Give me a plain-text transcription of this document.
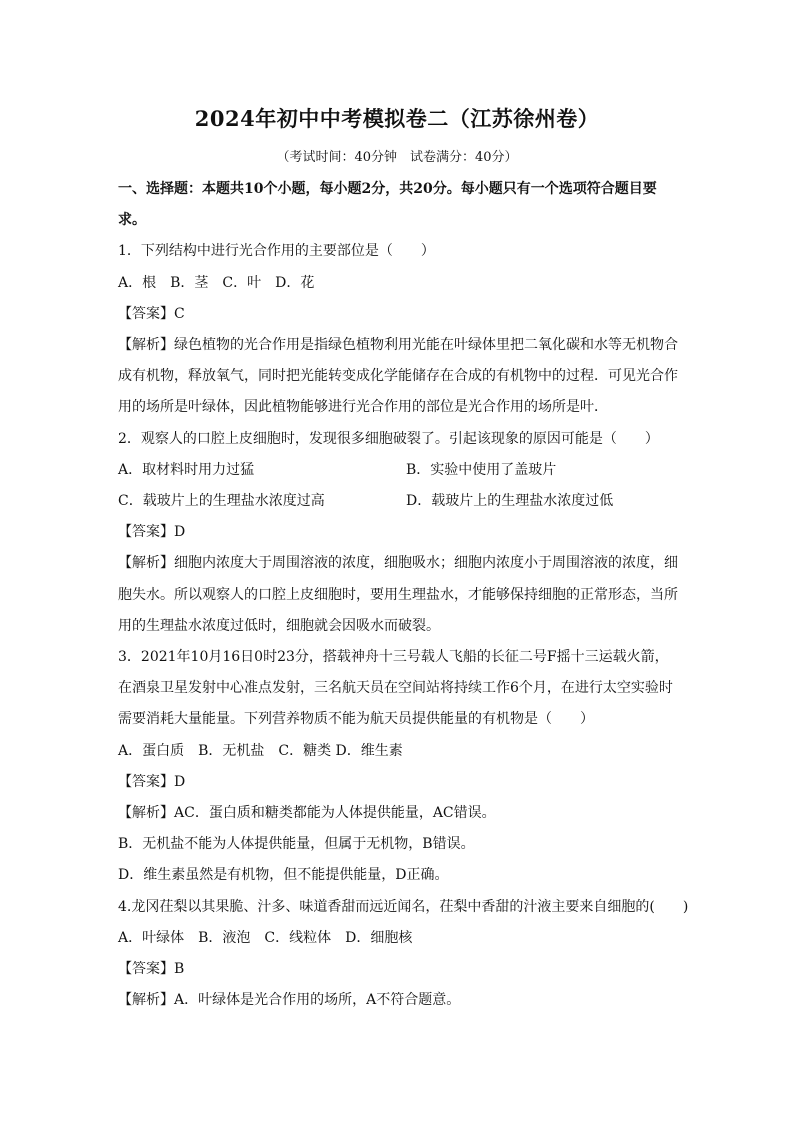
2024年初中中考模拟卷二（江苏徐州卷）
（考试时间：40分钟　试卷满分：40分）

一、选择题：本题共10个小题，每小题2分，共20分。每小题只有一个选项符合题目要

求。

1．下列结构中进行光合作用的主要部位是（　　）

A．根　B．茎　C．叶　D．花

【答案】C

【解析】绿色植物的光合作用是指绿色植物利用光能在叶绿体里把二氧化碳和水等无机物合

成有机物，释放氧气，同时把光能转变成化学能储存在合成的有机物中的过程．可见光合作

用的场所是叶绿体，因此植物能够进行光合作用的部位是光合作用的场所是叶．

2．观察人的口腔上皮细胞时，发现很多细胞破裂了。引起该现象的原因可能是（　　）

A．取材料时用力过猛	B．实验中使用了盖玻片

C．载玻片上的生理盐水浓度过高	D．载玻片上的生理盐水浓度过低

【答案】D

【解析】细胞内浓度大于周围溶液的浓度，细胞吸水；细胞内浓度小于周围溶液的浓度，细

胞失水。所以观察人的口腔上皮细胞时，要用生理盐水，才能够保持细胞的正常形态，当所

用的生理盐水浓度过低时，细胞就会因吸水而破裂。

3．2021年10月16日0时23分，搭载神舟十三号载人飞船的长征二号F摇十三运载火箭，

在酒泉卫星发射中心准点发射，三名航天员在空间站将持续工作6个月，在进行太空实验时

需要消耗大量能量。下列营养物质不能为航天员提供能量的有机物是（　　）

A．蛋白质　B．无机盐　C．糖类 D．维生素

【答案】D

【解析】AC．蛋白质和糖类都能为人体提供能量，AC错误。

B．无机盐不能为人体提供能量，但属于无机物，B错误。

D．维生素虽然是有机物，但不能提供能量，D正确。

4.龙冈茌梨以其果脆、汁多、味道香甜而远近闻名，茌梨中香甜的汁液主要来自细胞的(　　)

A．叶绿体　B．液泡　C．线粒体　D．细胞核

【答案】B

【解析】A．叶绿体是光合作用的场所，A不符合题意。
